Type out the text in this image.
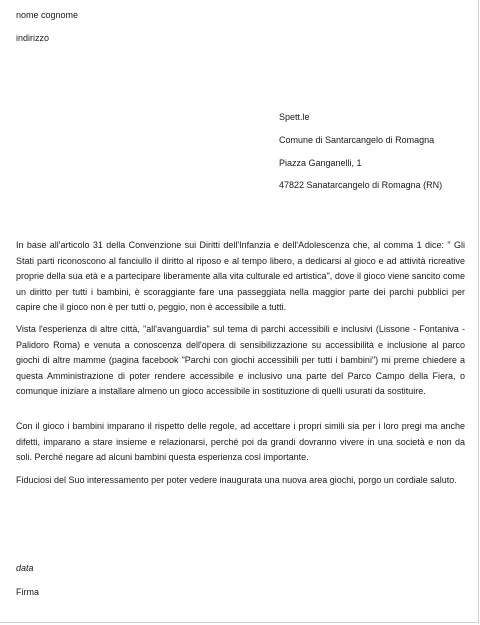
nome cognome
indirizzo
Spett.le
Comune di Santarcangelo di Romagna
Piazza Ganganelli, 1
47822 Sanatarcangelo di Romagna (RN)
In base all'articolo 31 della Convenzione sui Diritti dell'Infanzia e dell'Adolescenza che, al comma 1 dice: " Gli Stati parti riconoscono al fanciullo il diritto al riposo e al tempo libero, a dedicarsi al gioco e ad attività ricreative proprie della sua età e a partecipare liberamente alla vita culturale ed artistica", dove il gioco viene sancito come un diritto per tutti i bambini, è scoraggiante fare una passeggiata nella maggior parte dei parchi pubblici per capire che il gioco non è per tutti o, peggio, non è accessibile a tutti.
Vista l'esperienza di altre città, "all'avanguardia" sul tema di parchi accessibili e inclusivi (Lissone - Fontaniva - Palidoro Roma) e venuta a conoscenza dell'opera di sensibilizzazione su accessibilità e inclusione al parco giochi di altre mamme (pagina facebook "Parchi con giochi accessibili per tutti i bambini") mi preme chiedere a questa Amministrazione di poter rendere accessibile e inclusivo una parte del Parco Campo della Fiera, o comunque iniziare a installare almeno un gioco accessibile in sostituzione di quelli usurati da sostituire.
Con il gioco i bambini imparano il rispetto delle regole, ad accettare i propri simili sia per i loro pregi ma anche difetti, imparano a stare insieme e relazionarsi, perché poi da grandi dovranno vivere in una società e non da soli. Perché negare ad alcuni bambini questa esperienza così importante.
Fiduciosi del Suo interessamento per poter vedere inaugurata una nuova area giochi, porgo un cordiale saluto.
data
Firma
